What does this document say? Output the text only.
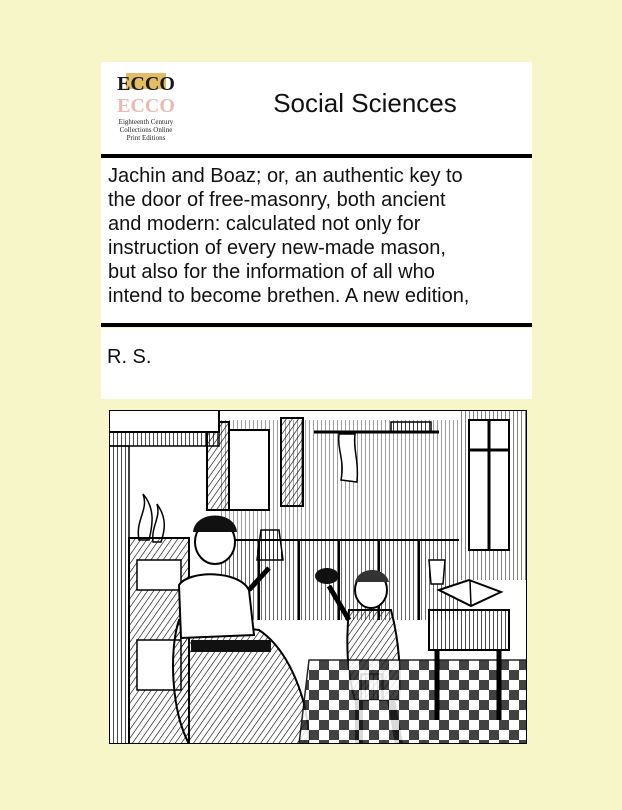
ECCO
ECCO
Eighteenth Century
Collections Online
Print Editions
Social Sciences
Jachin and Boaz; or, an authentic key to
the door of free-masonry, both ancient
and modern: calculated not only for
instruction of every new-made mason,
but also for the information of all who
intend to become brethen. A new edition,
R. S.
